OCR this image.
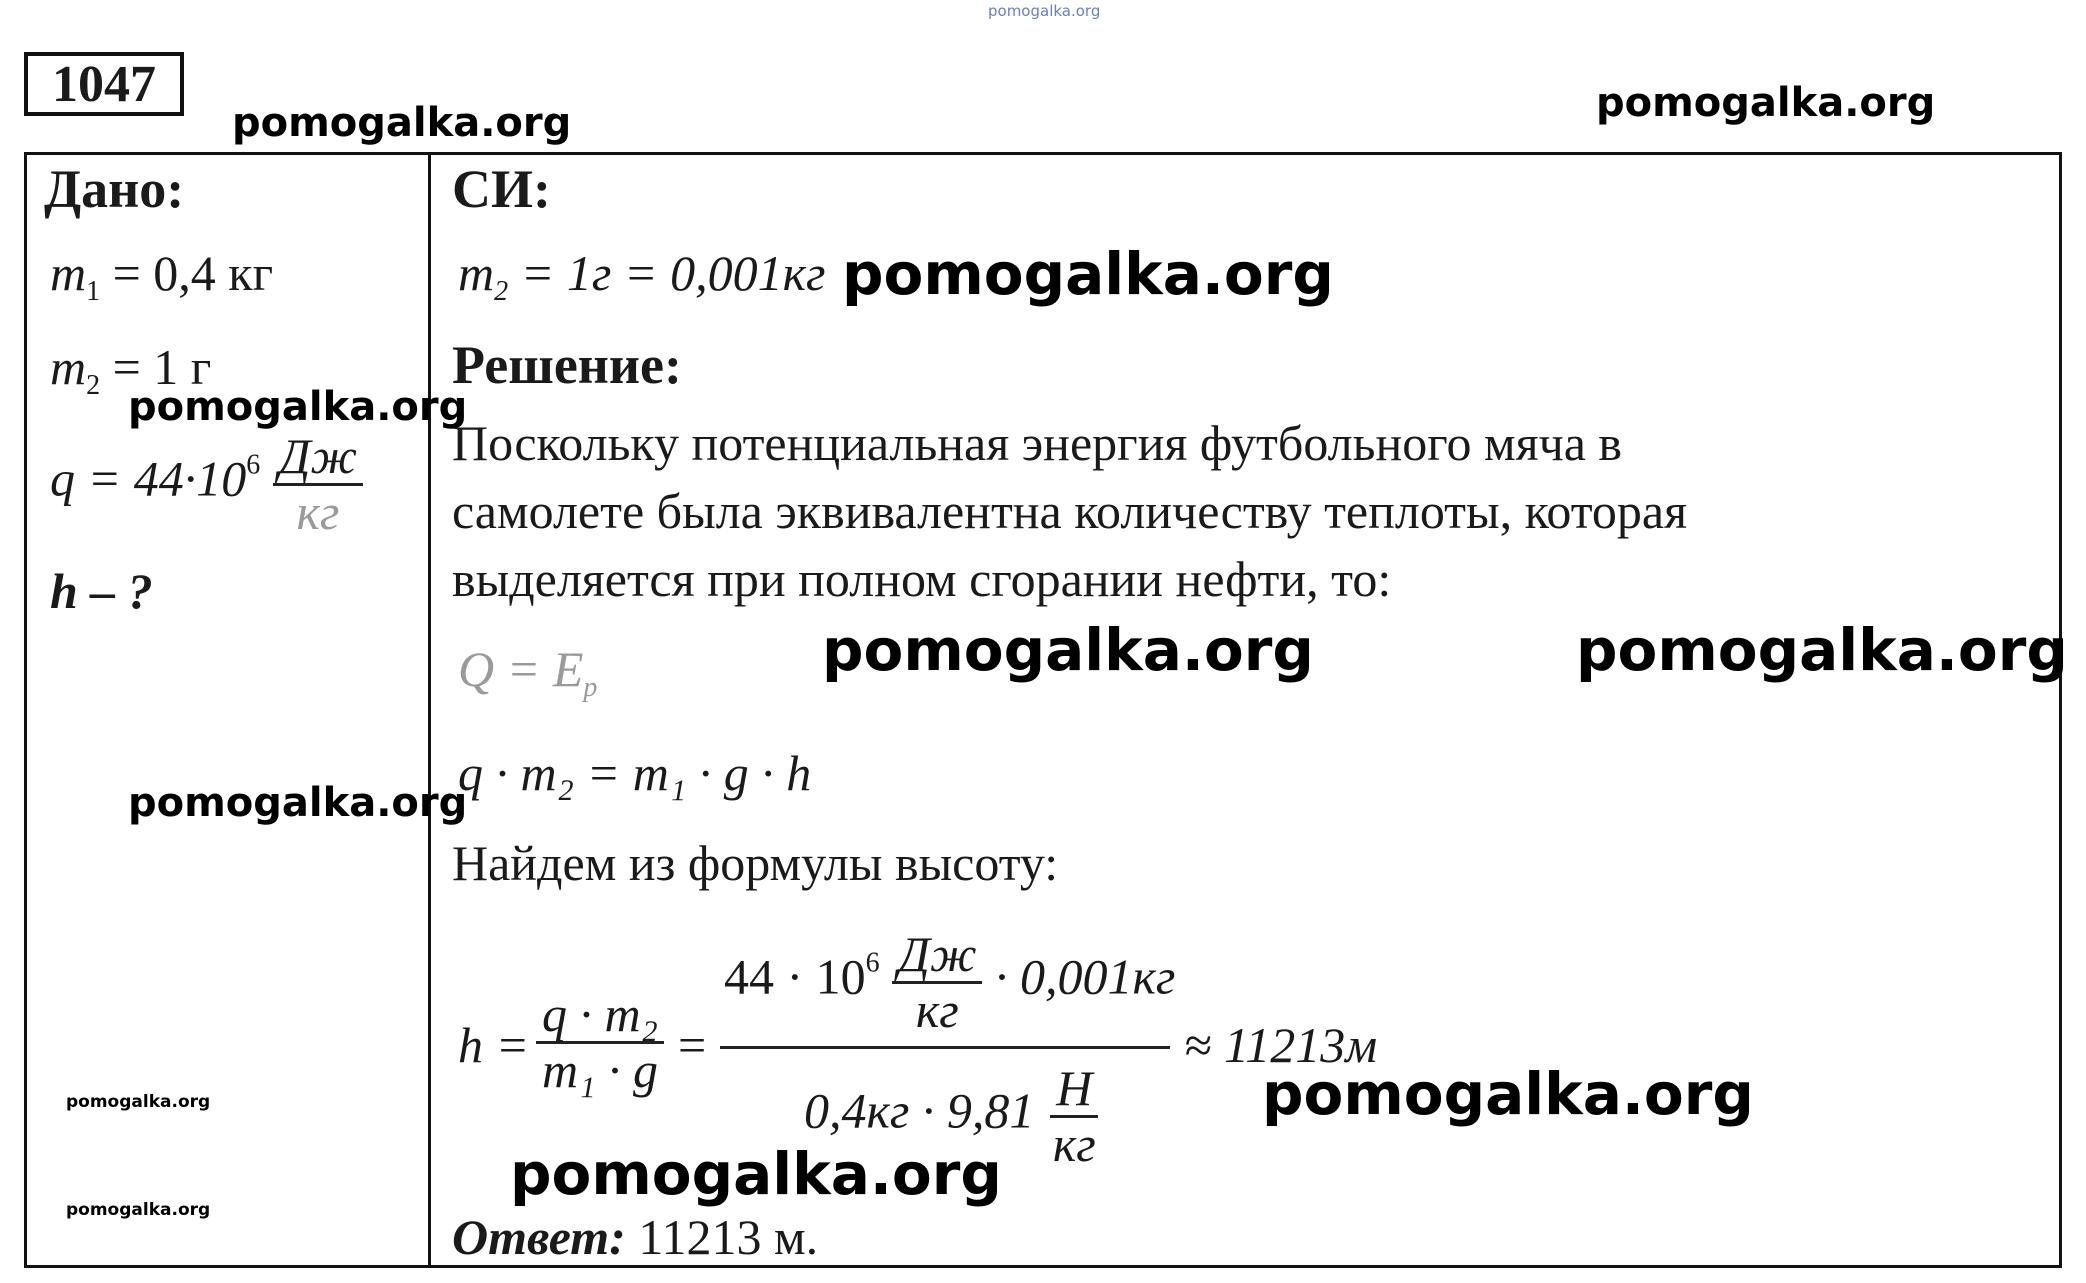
pomogalka.org
1047
pomogalka.org	pomogalka.org
Дано:
$m_1 = 0,4$ кг
$m_2 = 1$ г
pomogalka.org
$q = 44\cdot 10^6 \frac{Дж}{кг}$
h – ?
pomogalka.org
pomogalka.org
pomogalka.org
СИ:
$m_2 = 1г = 0,001кг$ pomogalka.org
Решение:
Поскольку потенциальная энергия футбольного мяча в
самолете была эквивалентна количеству теплоты, которая
выделяется при полном сгорании нефти, то:
$Q = E_p$
pomogalka.org	pomogalka.org
q · m₂ = m₁ · g · h
Найдем из формулы высоту:
$h = \frac{\text{q · m₂}}{\text{m₁ · g}}$ =
$44 \cdot 10^6 \frac{Дж}{кг} \cdot 0,001кг$
$0,4кг \cdot 9,81 \frac{Н}{кг}$
≈ 11213м
pomogalka.org
pomogalka.org
Ответ: 11213 м.
